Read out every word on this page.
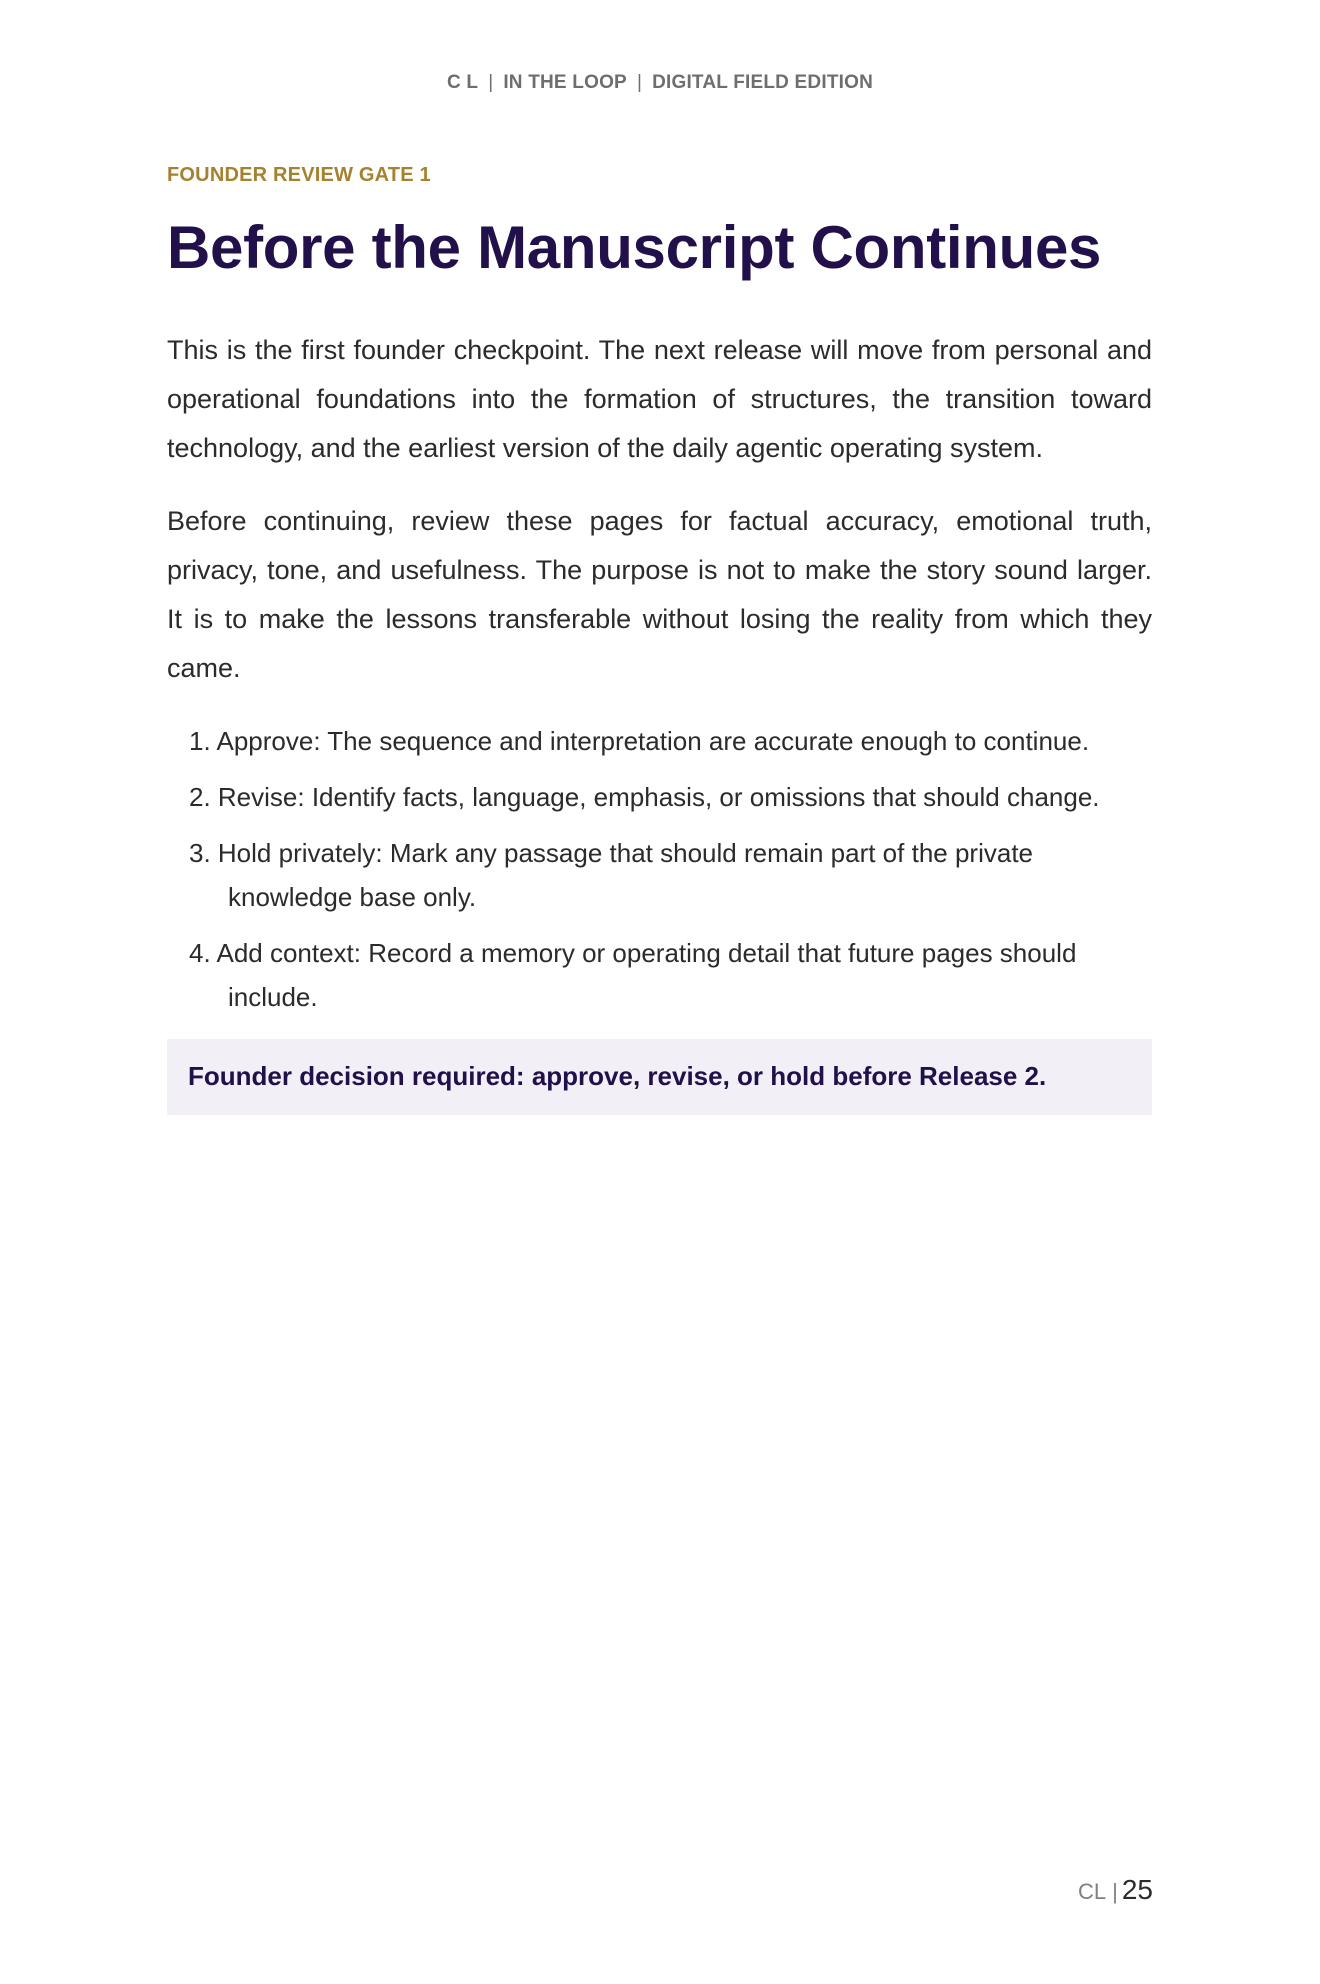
C L | IN THE LOOP | DIGITAL FIELD EDITION

FOUNDER REVIEW GATE 1

Before the Manuscript Continues

This is the first founder checkpoint. The next release will move from personal and operational foundations into the formation of structures, the transition toward technology, and the earliest version of the daily agentic operating system.

Before continuing, review these pages for factual accuracy, emotional truth, privacy, tone, and usefulness. The purpose is not to make the story sound larger. It is to make the lessons transferable without losing the reality from which they came.

1. Approve: The sequence and interpretation are accurate enough to continue.
2. Revise: Identify facts, language, emphasis, or omissions that should change.
3. Hold privately: Mark any passage that should remain part of the private knowledge base only.
4. Add context: Record a memory or operating detail that future pages should include.
Founder decision required: approve, revise, or hold before Release 2.
CL | 25
